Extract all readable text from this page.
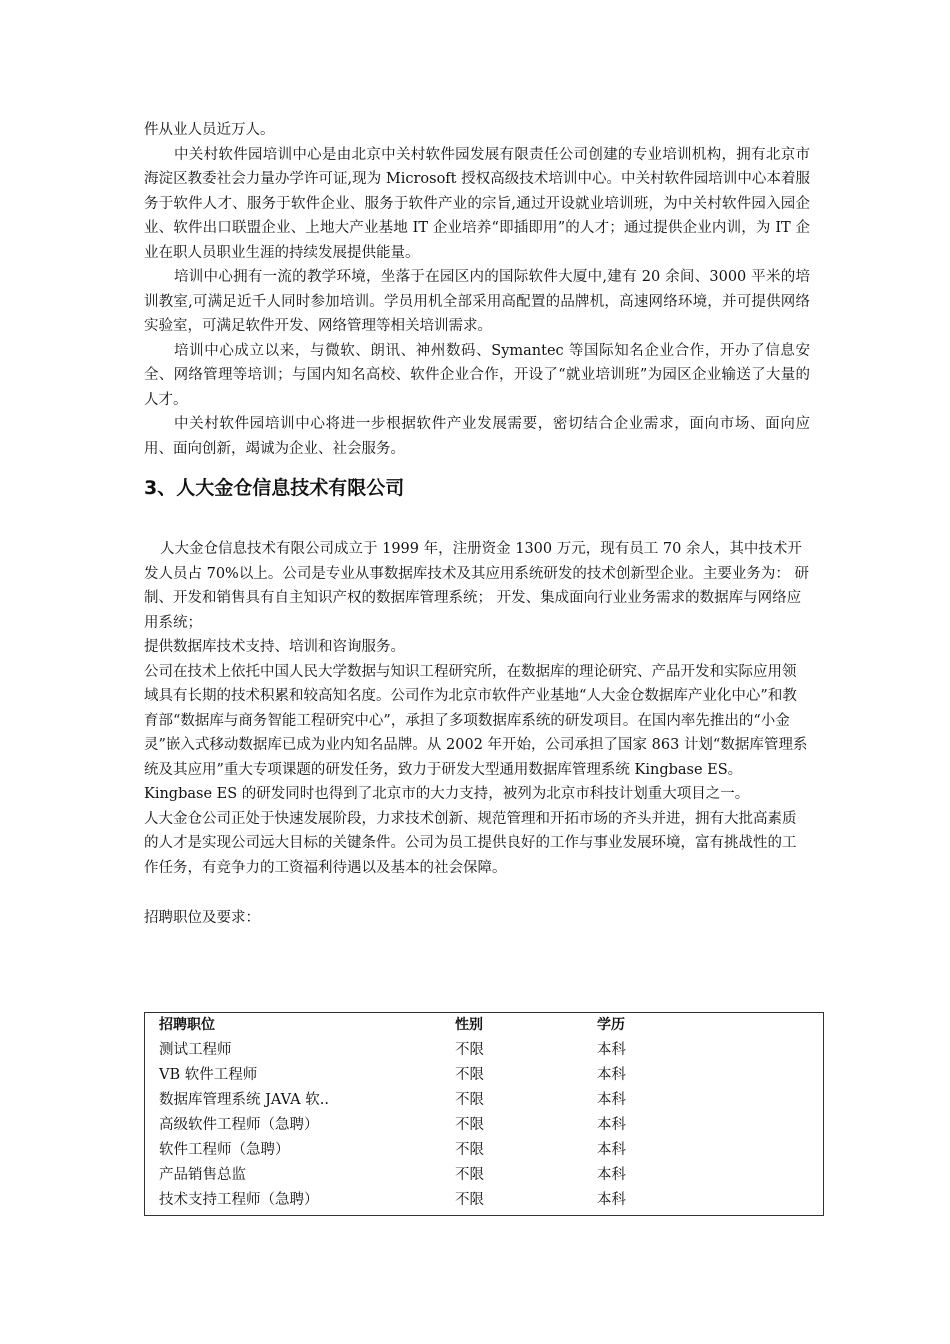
件从业人员近万人。

中关村软件园培训中心是由北京中关村软件园发展有限责任公司创建的专业培训机构，拥有北京市海淀区教委社会力量办学许可证,现为 Microsoft 授权高级技术培训中心。中关村软件园培训中心本着服务于软件人才、服务于软件企业、服务于软件产业的宗旨,通过开设就业培训班，为中关村软件园入园企业、软件出口联盟企业、上地大产业基地 IT 企业培养“即插即用”的人才；通过提供企业内训，为 IT 企业在职人员职业生涯的持续发展提供能量。

培训中心拥有一流的教学环境，坐落于在园区内的国际软件大厦中,建有 20 余间、3000 平米的培训教室,可满足近千人同时参加培训。学员用机全部采用高配置的品牌机，高速网络环境，并可提供网络实验室，可满足软件开发、网络管理等相关培训需求。

培训中心成立以来，与微软、朗讯、神州数码、Symantec 等国际知名企业合作，开办了信息安全、网络管理等培训；与国内知名高校、软件企业合作，开设了“就业培训班”为园区企业输送了大量的人才。

中关村软件园培训中心将进一步根据软件产业发展需要，密切结合企业需求，面向市场、面向应用、面向创新，竭诚为企业、社会服务。

3、人大金仓信息技术有限公司

人大金仓信息技术有限公司成立于 1999 年，注册资金 1300 万元，现有员工 70 余人，其中技术开发人员占 70%以上。公司是专业从事数据库技术及其应用系统研发的技术创新型企业。主要业务为： 研制、开发和销售具有自主知识产权的数据库管理系统； 开发、集成面向行业业务需求的数据库与网络应用系统；

提供数据库技术支持、培训和咨询服务。

公司在技术上依托中国人民大学数据与知识工程研究所，在数据库的理论研究、产品开发和实际应用领域具有长期的技术积累和较高知名度。公司作为北京市软件产业基地“人大金仓数据库产业化中心”和教育部“数据库与商务智能工程研究中心”，承担了多项数据库系统的研发项目。在国内率先推出的“小金灵”嵌入式移动数据库已成为业内知名品牌。从 2002 年开始，公司承担了国家 863 计划“数据库管理系统及其应用”重大专项课题的研发任务，致力于研发大型通用数据库管理系统 Kingbase ES。Kingbase ES 的研发同时也得到了北京市的大力支持，被列为北京市科技计划重大项目之一。

人大金仓公司正处于快速发展阶段，力求技术创新、规范管理和开拓市场的齐头并进，拥有大批高素质的人才是实现公司远大目标的关键条件。公司为员工提供良好的工作与事业发展环境，富有挑战性的工作任务，有竞争力的工资福利待遇以及基本的社会保障。

招聘职位及要求：

招聘职位	性别	学历
测试工程师	不限	本科
VB 软件工程师	不限	本科
数据库管理系统 JAVA 软..	不限	本科
高级软件工程师（急聘）	不限	本科
软件工程师（急聘）	不限	本科
产品销售总监	不限	本科
技术支持工程师（急聘）	不限	本科
